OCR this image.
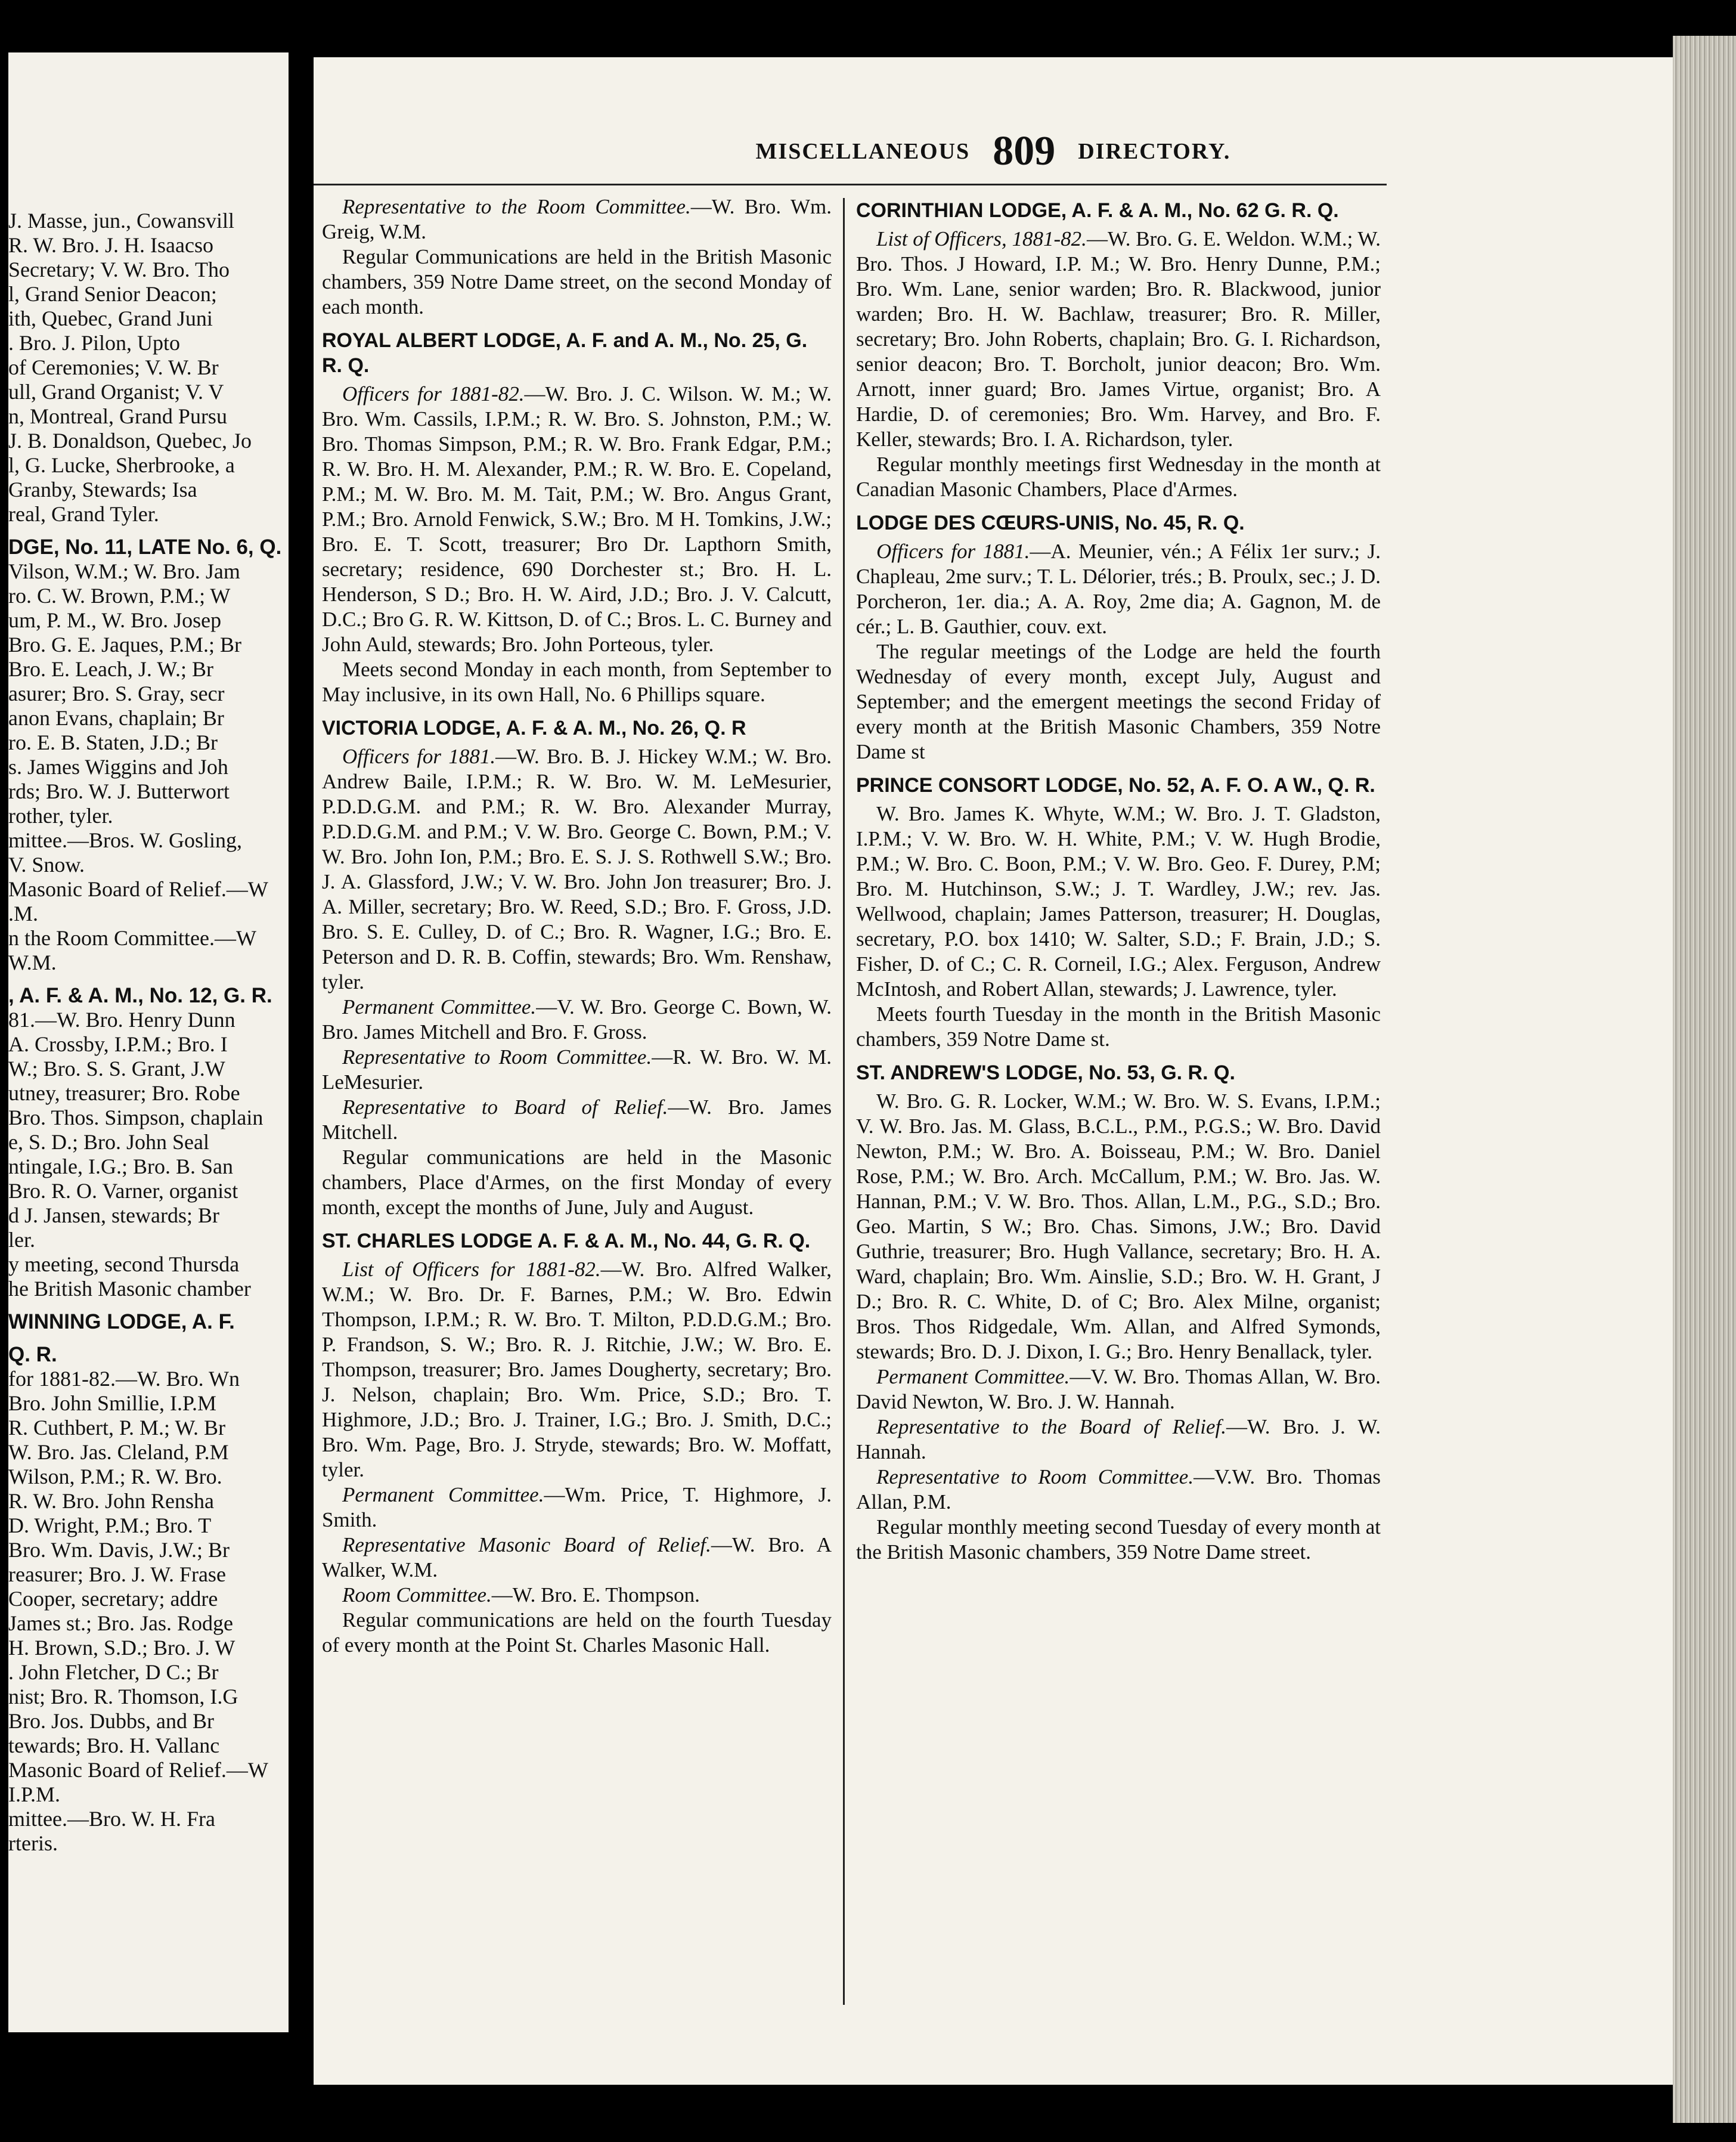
J. Masse, jun., Cowansvill

R. W. Bro. J. H. Isaacso

Secretary; V. W. Bro. Tho

l, Grand Senior Deacon;

ith, Quebec, Grand Juni

. Bro. J. Pilon, Upto

of Ceremonies; V. W. Br

ull, Grand Organist; V. V

n, Montreal, Grand Pursu

J. B. Donaldson, Quebec, Jo

l, G. Lucke, Sherbrooke, a

Granby, Stewards; Isa

real, Grand Tyler.

DGE, No. 11, LATE No. 6, Q.

Vilson, W.M.; W. Bro. Jam

ro. C. W. Brown, P.M.; W

um, P. M., W. Bro. Josep

Bro. G. E. Jaques, P.M.; Br

Bro. E. Leach, J. W.; Br

asurer; Bro. S. Gray, secr

anon Evans, chaplain; Br

ro. E. B. Staten, J.D.; Br

s. James Wiggins and Joh

rds; Bro. W. J. Butterwort

rother, tyler.

mittee.—Bros. W. Gosling,

V. Snow.

Masonic Board of Relief.—W

.M.

n the Room Committee.—W

W.M.

, A. F. & A. M., No. 12, G. R.

81.—W. Bro. Henry Dunn

A. Crossby, I.P.M.; Bro. I

W.; Bro. S. S. Grant, J.W

utney, treasurer; Bro. Robe

Bro. Thos. Simpson, chaplain

e, S. D.; Bro. John Seal

ntingale, I.G.; Bro. B. San

Bro. R. O. Varner, organist

d J. Jansen, stewards; Br

ler.

y meeting, second Thursda

he British Masonic chamber

WINNING LODGE, A. F.

Q. R.

for 1881-82.—W. Bro. Wn

Bro. John Smillie, I.P.M

R. Cuthbert, P. M.; W. Br

W. Bro. Jas. Cleland, P.M

Wilson, P.M.; R. W. Bro.

R. W. Bro. John Rensha

D. Wright, P.M.; Bro. T

Bro. Wm. Davis, J.W.; Br

reasurer; Bro. J. W. Frase

Cooper, secretary; addre

James st.; Bro. Jas. Rodge

H. Brown, S.D.; Bro. J. W

. John Fletcher, D C.; Br

nist; Bro. R. Thomson, I.G

Bro. Jos. Dubbs, and Br

tewards; Bro. H. Vallanc

Masonic Board of Relief.—W

I.P.M.

mittee.—Bro. W. H. Fra

rteris.

MISCELLANEOUS 809 DIRECTORY.

Representative to the Room Committee.—W. Bro. Wm. Greig, W.M.

Regular Communications are held in the British Masonic chambers, 359 Notre Dame street, on the second Monday of each month.

ROYAL ALBERT LODGE, A. F. and A. M., No. 25, G. R. Q.

Officers for 1881-82.—W. Bro. J. C. Wilson. W. M.; W. Bro. Wm. Cassils, I.P.M.; R. W. Bro. S. Johnston, P.M.; W. Bro. Thomas Simpson, P.M.; R. W. Bro. Frank Edgar, P.M.; R. W. Bro. H. M. Alexander, P.M.; R. W. Bro. E. Copeland, P.M.; M. W. Bro. M. M. Tait, P.M.; W. Bro. Angus Grant, P.M.; Bro. Arnold Fenwick, S.W.; Bro. M H. Tomkins, J.W.; Bro. E. T. Scott, treasurer; Bro Dr. Lapthorn Smith, secretary; residence, 690 Dorchester st.; Bro. H. L. Henderson, S D.; Bro. H. W. Aird, J.D.; Bro. J. V. Calcutt, D.C.; Bro G. R. W. Kittson, D. of C.; Bros. L. C. Burney and John Auld, stewards; Bro. John Porteous, tyler.

Meets second Monday in each month, from September to May inclusive, in its own Hall, No. 6 Phillips square.

VICTORIA LODGE, A. F. & A. M., No. 26, Q. R

Officers for 1881.—W. Bro. B. J. Hickey W.M.; W. Bro. Andrew Baile, I.P.M.; R. W. Bro. W. M. LeMesurier, P.D.D.G.M. and P.M.; R. W. Bro. Alexander Murray, P.D.D.G.M. and P.M.; V. W. Bro. George C. Bown, P.M.; V. W. Bro. John Ion, P.M.; Bro. E. S. J. S. Rothwell S.W.; Bro. J. A. Glassford, J.W.; V. W. Bro. John Jon treasurer; Bro. J. A. Miller, secretary; Bro. W. Reed, S.D.; Bro. F. Gross, J.D. Bro. S. E. Culley, D. of C.; Bro. R. Wagner, I.G.; Bro. E. Peterson and D. R. B. Coffin, stewards; Bro. Wm. Renshaw, tyler.

Permanent Committee.—V. W. Bro. George C. Bown, W. Bro. James Mitchell and Bro. F. Gross.

Representative to Room Committee.—R. W. Bro. W. M. LeMesurier.

Representative to Board of Relief.—W. Bro. James Mitchell.

Regular communications are held in the Masonic chambers, Place d'Armes, on the first Monday of every month, except the months of June, July and August.

ST. CHARLES LODGE A. F. & A. M., No. 44, G. R. Q.

List of Officers for 1881-82.—W. Bro. Alfred Walker, W.M.; W. Bro. Dr. F. Barnes, P.M.; W. Bro. Edwin Thompson, I.P.M.; R. W. Bro. T. Milton, P.D.D.G.M.; Bro. P. Frandson, S. W.; Bro. R. J. Ritchie, J.W.; W. Bro. E. Thompson, treasurer; Bro. James Dougherty, secretary; Bro. J. Nelson, chaplain; Bro. Wm. Price, S.D.; Bro. T. Highmore, J.D.; Bro. J. Trainer, I.G.; Bro. J. Smith, D.C.; Bro. Wm. Page, Bro. J. Stryde, stewards; Bro. W. Moffatt, tyler.

Permanent Committee.—Wm. Price, T. Highmore, J. Smith.

Representative Masonic Board of Relief.—W. Bro. A Walker, W.M.

Room Committee.—W. Bro. E. Thompson.

Regular communications are held on the fourth Tuesday of every month at the Point St. Charles Masonic Hall.

CORINTHIAN LODGE, A. F. & A. M., No. 62 G. R. Q.

List of Officers, 1881-82.—W. Bro. G. E. Weldon. W.M.; W. Bro. Thos. J Howard, I.P. M.; W. Bro. Henry Dunne, P.M.; Bro. Wm. Lane, senior warden; Bro. R. Blackwood, junior warden; Bro. H. W. Bachlaw, treasurer; Bro. R. Miller, secretary; Bro. John Roberts, chaplain; Bro. G. I. Richardson, senior deacon; Bro. T. Borcholt, junior deacon; Bro. Wm. Arnott, inner guard; Bro. James Virtue, organist; Bro. A Hardie, D. of ceremonies; Bro. Wm. Harvey, and Bro. F. Keller, stewards; Bro. I. A. Richardson, tyler.

Regular monthly meetings first Wednesday in the month at Canadian Masonic Chambers, Place d'Armes.

LODGE DES CŒURS-UNIS, No. 45, R. Q.

Officers for 1881.—A. Meunier, vén.; A Félix 1er surv.; J. Chapleau, 2me surv.; T. L. Délorier, trés.; B. Proulx, sec.; J. D. Porcheron, 1er. dia.; A. A. Roy, 2me dia; A. Gagnon, M. de cér.; L. B. Gauthier, couv. ext.

The regular meetings of the Lodge are held the fourth Wednesday of every month, except July, August and September; and the emergent meetings the second Friday of every month at the British Masonic Chambers, 359 Notre Dame st

PRINCE CONSORT LODGE, No. 52, A. F. O. A W., Q. R.

W. Bro. James K. Whyte, W.M.; W. Bro. J. T. Gladston, I.P.M.; V. W. Bro. W. H. White, P.M.; V. W. Hugh Brodie, P.M.; W. Bro. C. Boon, P.M.; V. W. Bro. Geo. F. Durey, P.M; Bro. M. Hutchinson, S.W.; J. T. Wardley, J.W.; rev. Jas. Wellwood, chaplain; James Patterson, treasurer; H. Douglas, secretary, P.O. box 1410; W. Salter, S.D.; F. Brain, J.D.; S. Fisher, D. of C.; C. R. Corneil, I.G.; Alex. Ferguson, Andrew McIntosh, and Robert Allan, stewards; J. Lawrence, tyler.

Meets fourth Tuesday in the month in the British Masonic chambers, 359 Notre Dame st.

ST. ANDREW'S LODGE, No. 53, G. R. Q.

W. Bro. G. R. Locker, W.M.; W. Bro. W. S. Evans, I.P.M.; V. W. Bro. Jas. M. Glass, B.C.L., P.M., P.G.S.; W. Bro. David Newton, P.M.; W. Bro. A. Boisseau, P.M.; W. Bro. Daniel Rose, P.M.; W. Bro. Arch. McCallum, P.M.; W. Bro. Jas. W. Hannan, P.M.; V. W. Bro. Thos. Allan, L.M., P.G., S.D.; Bro. Geo. Martin, S W.; Bro. Chas. Simons, J.W.; Bro. David Guthrie, treasurer; Bro. Hugh Vallance, secretary; Bro. H. A. Ward, chaplain; Bro. Wm. Ainslie, S.D.; Bro. W. H. Grant, J D.; Bro. R. C. White, D. of C; Bro. Alex Milne, organist; Bros. Thos Ridgedale, Wm. Allan, and Alfred Symonds, stewards; Bro. D. J. Dixon, I. G.; Bro. Henry Benallack, tyler.

Permanent Committee.—V. W. Bro. Thomas Allan, W. Bro. David Newton, W. Bro. J. W. Hannah.

Representative to the Board of Relief.—W. Bro. J. W. Hannah.

Representative to Room Committee.—V.W. Bro. Thomas Allan, P.M.

Regular monthly meeting second Tuesday of every month at the British Masonic chambers, 359 Notre Dame street.
